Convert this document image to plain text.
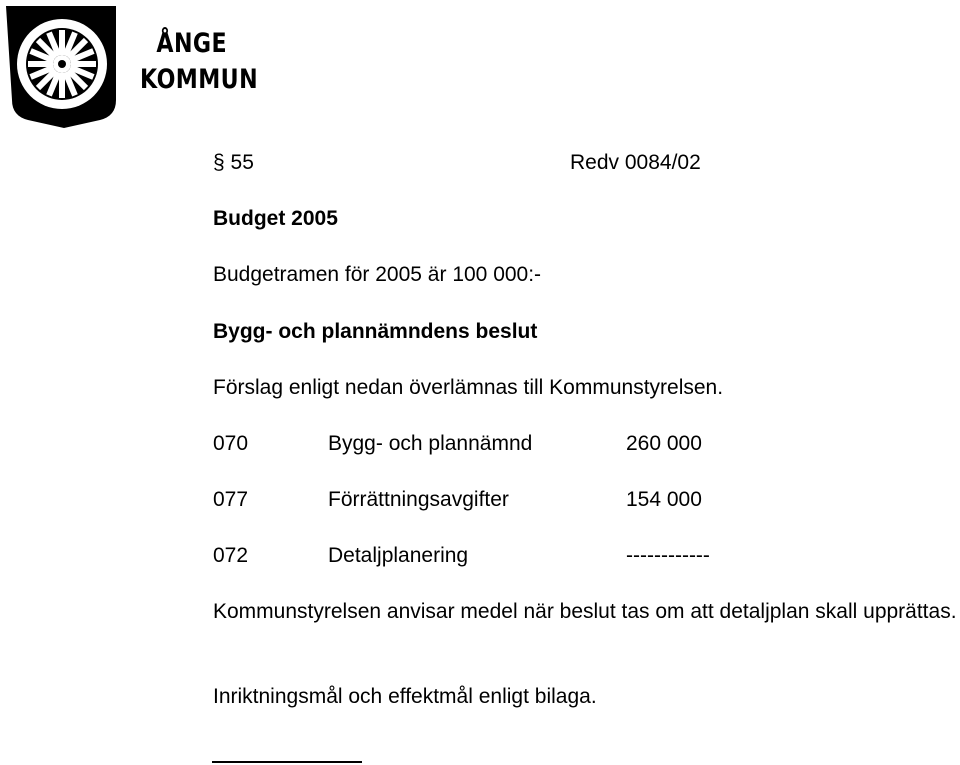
ÅNGE
KOMMUN
§ 55	Redv 0084/02
Budget 2005
Budgetramen för 2005 är 100 000:-
Bygg- och plannämndens beslut
Förslag enligt nedan överlämnas till Kommunstyrelsen.
070	Bygg- och plannämnd	260 000
077	Förrättningsavgifter	154 000
072	Detaljplanering	------------
Kommunstyrelsen anvisar medel när beslut tas om att detaljplan skall upprättas.
Inriktningsmål och effektmål enligt bilaga.
